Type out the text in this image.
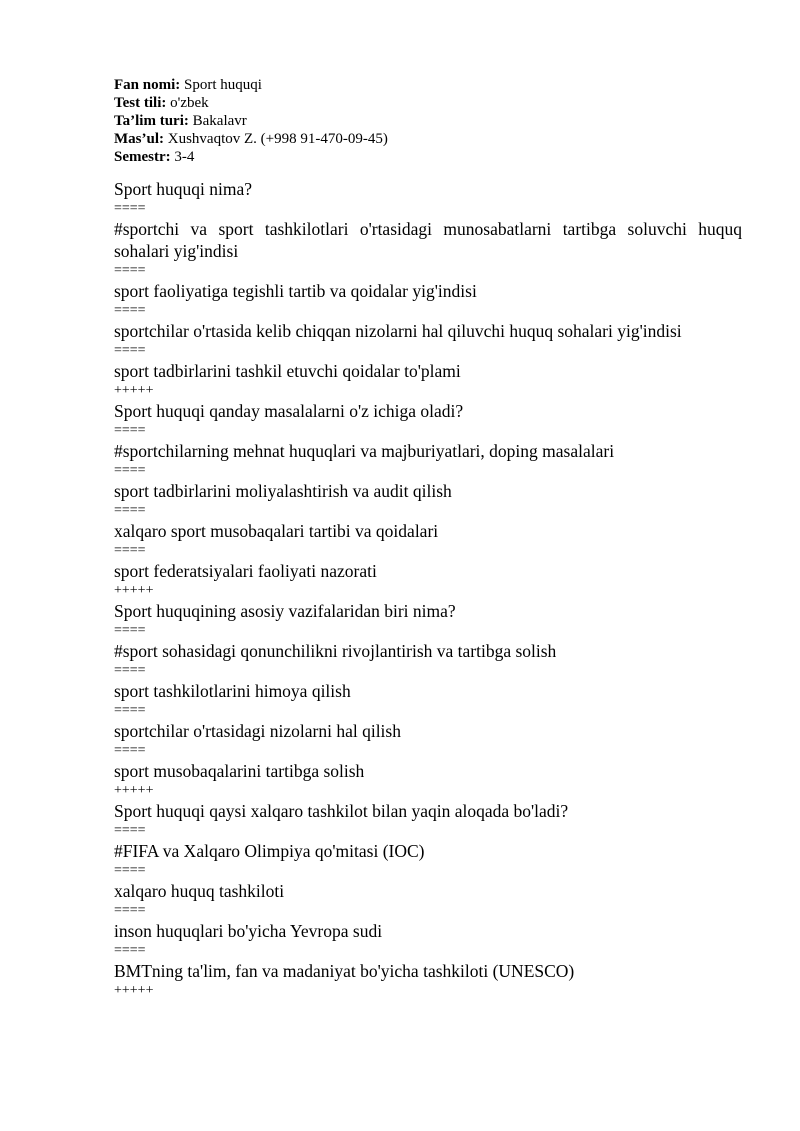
Fan nomi: Sport huquqi
Test tili: o'zbek
Ta’lim turi: Bakalavr
Mas’ul: Xushvaqtov Z. (+998 91-470-09-45)
Semestr: 3-4
Sport huquqi nima?
====
#sportchi va sport tashkilotlari o'rtasidagi munosabatlarni tartibga soluvchi huquq sohalari yig'indisi
====
sport faoliyatiga tegishli tartib va qoidalar yig'indisi
====
sportchilar o'rtasida kelib chiqqan nizolarni hal qiluvchi huquq sohalari yig'indisi
====
sport tadbirlarini tashkil etuvchi qoidalar to'plami
+++++
Sport huquqi qanday masalalarni o'z ichiga oladi?
====
#sportchilarning mehnat huquqlari va majburiyatlari, doping masalalari
====
sport tadbirlarini moliyalashtirish va audit qilish
====
xalqaro sport musobaqalari tartibi va qoidalari
====
sport federatsiyalari faoliyati nazorati
+++++
Sport huquqining asosiy vazifalaridan biri nima?
====
#sport sohasidagi qonunchilikni rivojlantirish va tartibga solish
====
sport tashkilotlarini himoya qilish
====
sportchilar o'rtasidagi nizolarni hal qilish
====
sport musobaqalarini tartibga solish
+++++
Sport huquqi qaysi xalqaro tashkilot bilan yaqin aloqada bo'ladi?
====
#FIFA va Xalqaro Olimpiya qo'mitasi (IOC)
====
xalqaro huquq tashkiloti
====
inson huquqlari bo'yicha Yevropa sudi
====
BMTning ta'lim, fan va madaniyat bo'yicha tashkiloti (UNESCO)
+++++
